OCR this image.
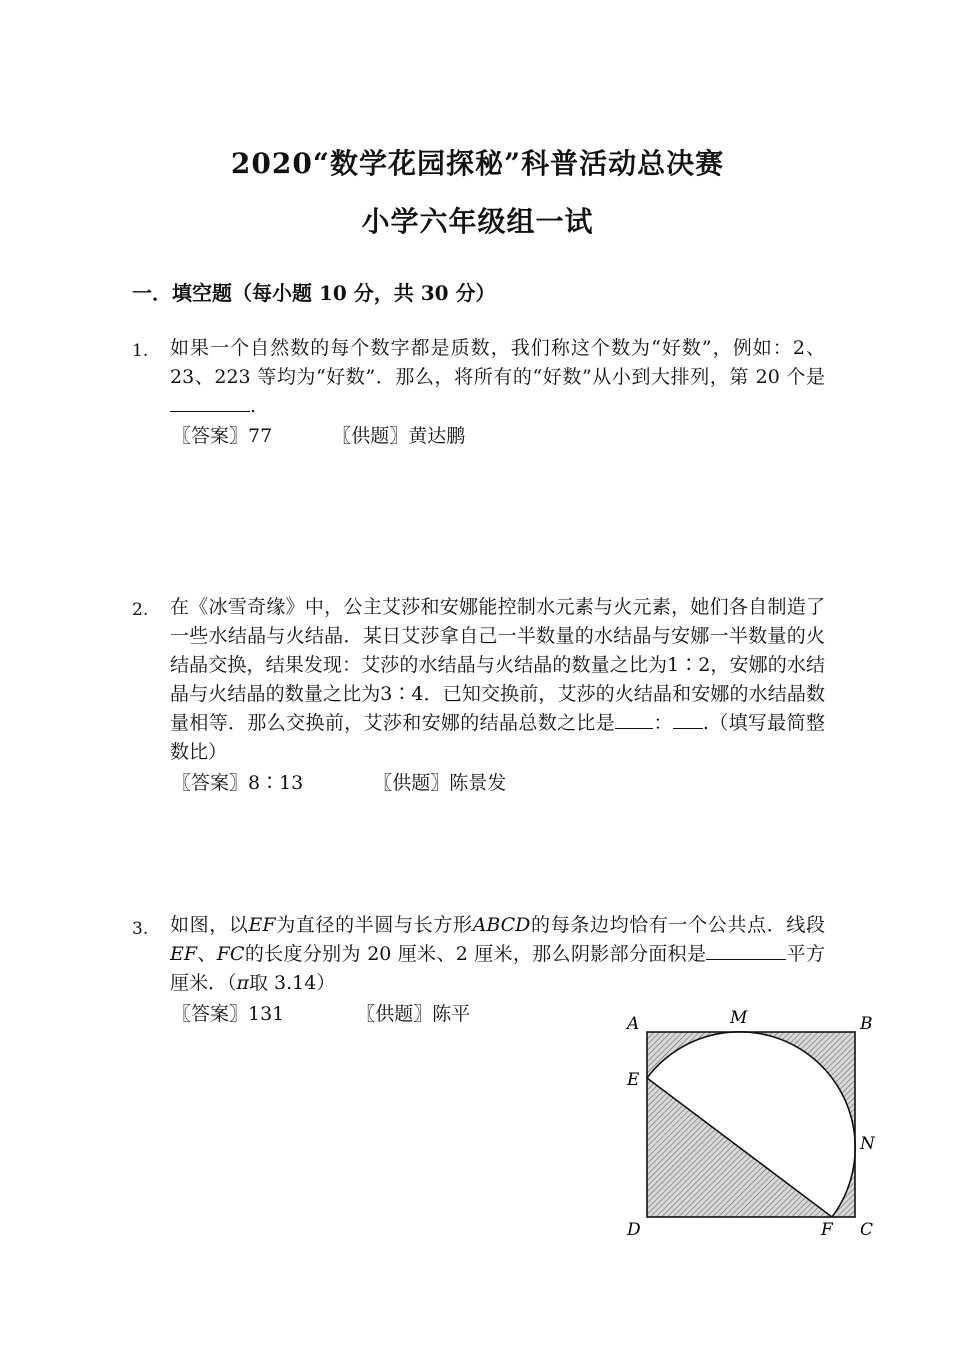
2020“数学花园探秘”科普活动总决赛
小学六年级组一试
一．填空题（每小题 10 分，共 30 分）
1. 如果一个自然数的每个数字都是质数，我们称这个数为“好数”，例如：2、23、223 等均为“好数”．那么，将所有的“好数”从小到大排列，第 20 个是.
〖答案〗77	〖供题〗黄达鹏
2. 在《冰雪奇缘》中，公主艾莎和安娜能控制水元素与火元素，她们各自制造了一些水结晶与火结晶．某日艾莎拿自己一半数量的水结晶与安娜一半数量的火结晶交换，结果发现：艾莎的水结晶与火结晶的数量之比为1∶2，安娜的水结晶与火结晶的数量之比为3∶4．已知交换前，艾莎的火结晶和安娜的水结晶数量相等．那么交换前，艾莎和安娜的结晶总数之比是 ： .（填写最简整数比）
〖答案〗8∶13	〖供题〗陈景发
3. 如图，以EF为直径的半圆与长方形ABCD的每条边均恰有一个公共点．线段EF、FC的长度分别为 20 厘米、2 厘米，那么阴影部分面积是	平方厘米．（π取 3.14）
〖答案〗131	〖供题〗陈平	A	M	B
E
N
D	F C
